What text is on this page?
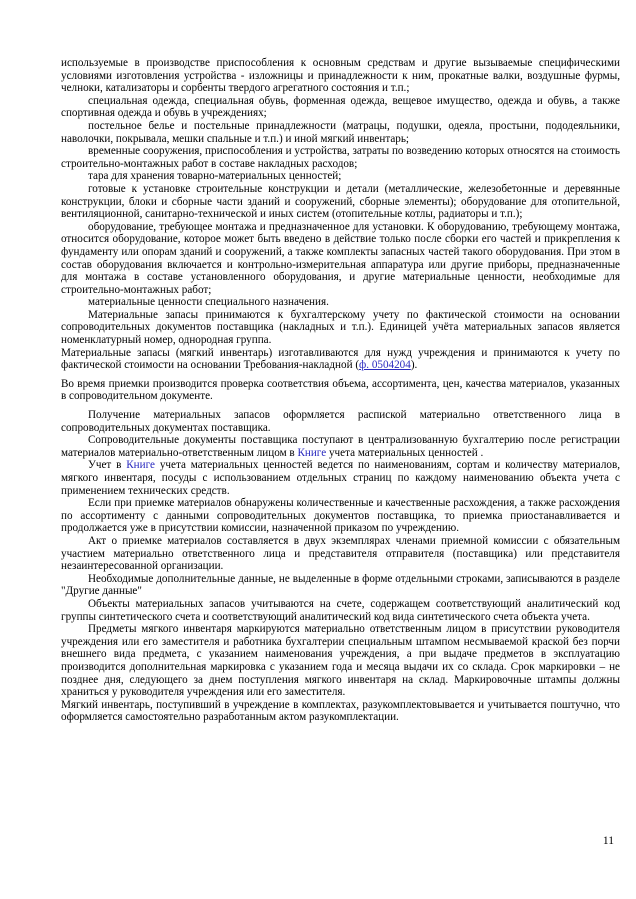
используемые в производстве приспособления к основным средствам и другие вызываемые специфическими условиями изготовления устройства - изложницы и принадлежности к ним, прокатные валки, воздушные фурмы, челноки, катализаторы и сорбенты твердого агрегатного состояния и т.п.;

специальная одежда, специальная обувь, форменная одежда, вещевое имущество, одежда и обувь, а также спортивная одежда и обувь в учреждениях;

постельное белье и постельные принадлежности (матрацы, подушки, одеяла, простыни, пододеяльники, наволочки, покрывала, мешки спальные и т.п.) и иной мягкий инвентарь;

временные сооружения, приспособления и устройства, затраты по возведению которых относятся на стоимость строительно-монтажных работ в составе накладных расходов;

тара для хранения товарно-материальных ценностей;

готовые к установке строительные конструкции и детали (металлические, железобетонные и деревянные конструкции, блоки и сборные части зданий и сооружений, сборные элементы); оборудование для отопительной, вентиляционной, санитарно-технической и иных систем (отопительные котлы, радиаторы и т.п.);

оборудование, требующее монтажа и предназначенное для установки. К оборудованию, требующему монтажа, относится оборудование, которое может быть введено в действие только после сборки его частей и прикрепления к фундаменту или опорам зданий и сооружений, а также комплекты запасных частей такого оборудования. При этом в состав оборудования включается и контрольно-измерительная аппаратура или другие приборы, предназначенные для монтажа в составе установленного оборудования, и другие материальные ценности, необходимые для строительно-монтажных работ;

материальные ценности специального назначения.

Материальные запасы принимаются к бухгалтерскому учету по фактической стоимости на основании сопроводительных документов поставщика (накладных и т.п.). Единицей учёта материальных запасов является номенклатурный номер, однородная группа.

Материальные запасы (мягкий инвентарь) изготавливаются для нужд учреждения и принимаются к учету по фактической стоимости на основании Требования-накладной (ф. 0504204).

Во время приемки производится проверка соответствия объема, ассортимента, цен, качества материалов, указанных в сопроводительном документе.

Получение материальных запасов оформляется распиской материально ответственного лица в сопроводительных документах поставщика.

Сопроводительные документы поставщика поступают в централизованную бухгалтерию после регистрации материалов материально-ответственным лицом в Книге учета материальных ценностей .

Учет в Книге учета материальных ценностей ведется по наименованиям, сортам и количеству материалов, мягкого инвентаря, посуды с использованием отдельных страниц по каждому наименованию объекта учета с применением технических средств.

Если при приемке материалов обнаружены количественные и качественные расхождения, а также расхождения по ассортименту с данными сопроводительных документов поставщика, то приемка приостанавливается и продолжается уже в присутствии комиссии, назначенной приказом по учреждению.

Акт о приемке материалов составляется в двух экземплярах членами приемной комиссии с обязательным участием материально ответственного лица и представителя отправителя (поставщика) или представителя незаинтересованной организации.

Необходимые дополнительные данные, не выделенные в форме отдельными строками, записываются в разделе "Другие данные"

Объекты материальных запасов учитываются на счете, содержащем соответствующий аналитический код группы синтетического счета и соответствующий аналитический код вида синтетического счета объекта учета.

Предметы мягкого инвентаря маркируются материально ответственным лицом в присутствии руководителя учреждения или его заместителя и работника бухгалтерии специальным штампом несмываемой краской без порчи внешнего вида предмета, с указанием наименования учреждения, а при выдаче предметов в эксплуатацию производится дополнительная маркировка с указанием года и месяца выдачи их со склада. Срок маркировки – не позднее дня, следующего за днем поступления мягкого инвентаря на склад. Маркировочные штампы должны храниться у руководителя учреждения или его заместителя.

Мягкий инвентарь, поступивший в учреждение в комплектах, разукомплектовывается и учитывается поштучно, что оформляется самостоятельно разработанным актом разукомплектации.

11
